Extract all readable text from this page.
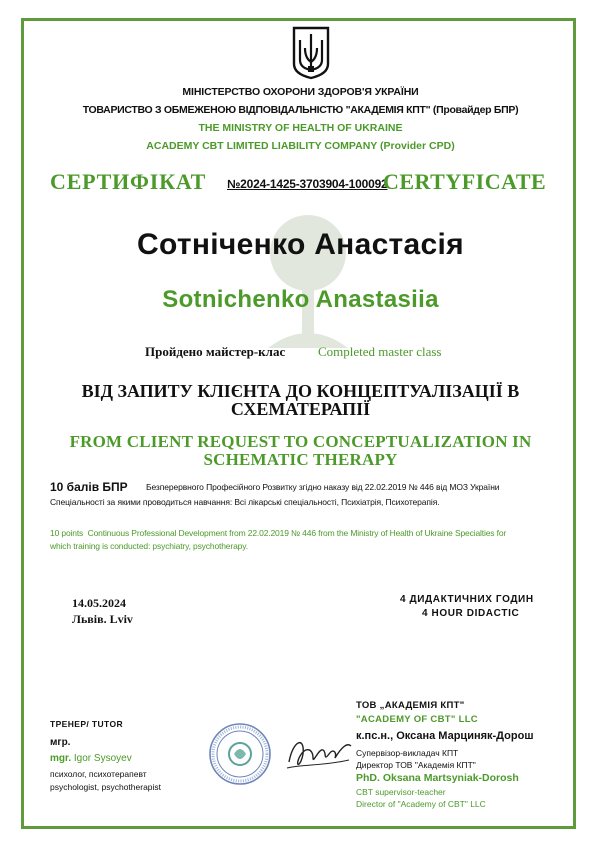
МІНІСТЕРСТВО ОХОРОНИ ЗДОРОВ'Я УКРАЇНИ
ТОВАРИСТВО З ОБМЕЖЕНОЮ ВІДПОВІДАЛЬНІСТЮ "АКАДЕМІЯ КПТ" (Провайдер БПР)
THE MINISTRY OF HEALTH OF UKRAINE
ACADEMY CBT LIMITED LIABILITY COMPANY (Provider CPD)
СЕРТИФІКАТ №2024-1425-3703904-100092
CERTYFICATE
Сотніченко Анастасія
Sotnichenko Anastasiia
Пройдено майстер-клас	Completed master class
ВІД ЗАПИТУ КЛІЄНТА ДО КОНЦЕПТУАЛІЗАЦІЇ В
СХЕМАТЕРАПІЇ
FROM CLIENT REQUEST TO CONCEPTUALIZATION IN
SCHEMATIC THERAPY
10 балів БПР Безперервного Професійного Розвитку згідно наказу від 22.02.2019 № 446 від МОЗ України
Спеціальності за якими проводиться навчання: Всі лікарські спеціальності, Психіатрія, Психотерапія.
10 points Continuous Professional Development from 22.02.2019 № 446 from the Ministry of Health of Ukraine Specialties for
which training is conducted: psychiatry, psychotherapy.
14.05.2024
Львів. Lviv
4 ДИДАКТИЧНИХ ГОДИН
4 HOUR DIDACTIC
ТРЕНЕР/ TUTOR
мгр.
mgr. Igor Sysoyev
психолог, психотерапевт
psychologist, psychotherapist
ТОВ „АКАДЕМІЯ КПТ"
"ACADEMY OF CBT" LLC
к.пс.н., Оксана Марциняк-Дорош
Супервізор-викладач КПТ
Директор ТОВ "Академія КПТ"
PhD. Oksana Martsyniak-Dorosh
CBT supervisor-teacher
Director of "Academy of CBT" LLC
